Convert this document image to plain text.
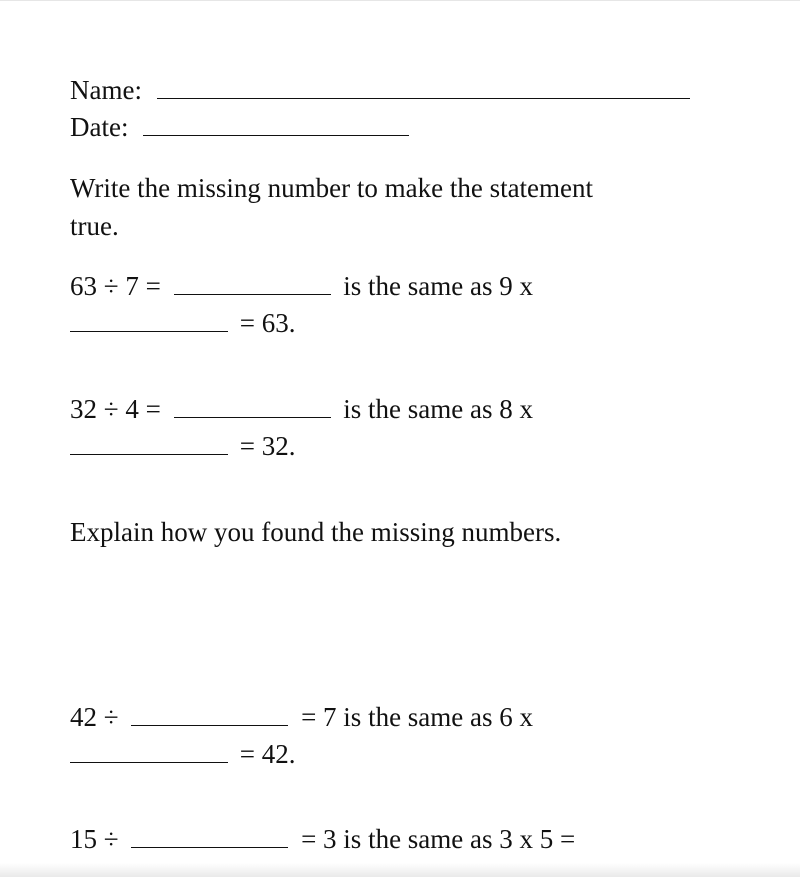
Name:
Date:
Write the missing number to make the statement
true.
63 ÷ 7 =	is the same as 9 x
= 63.
32 ÷ 4 =	is the same as 8 x
= 32.
Explain how you found the missing numbers.
42 ÷	= 7 is the same as 6 x
= 42.
15 ÷	= 3 is the same as 3 x 5 =
